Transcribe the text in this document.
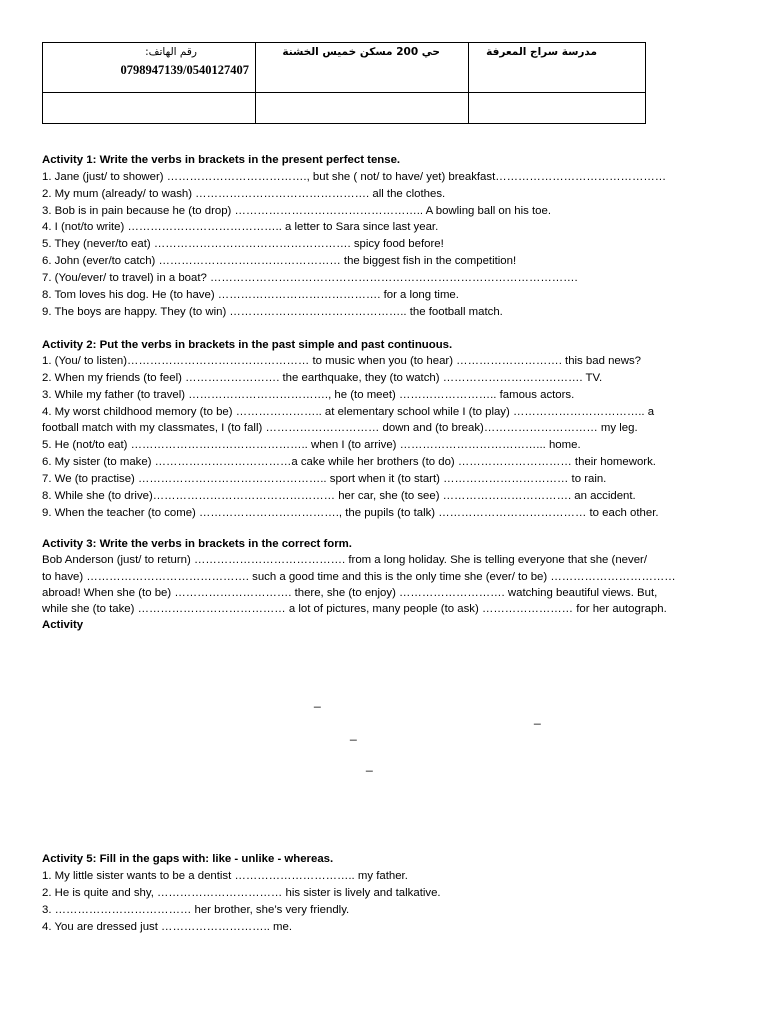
رقم الهاتف:
0798947139/0540127407	حي 200 مسكن خميس الخشنة	مدرسة سراج المعرفة

Activity 1: Write the verbs in brackets in the present perfect tense.
1. Jane (just/ to shower) ………………………………., but she ( not/ to have/ yet) breakfast………………………………………
2. My mum (already/ to wash) ………………………………………. all the clothes.
3. Bob is in pain because he (to drop) ………………………………………….. A bowling ball on his toe.
4. I (not/to write) ………………………………….. a letter to Sara since last year.
5. They (never/to eat) ……………………………………………. spicy food before!
6. John (ever/to catch) ………………………………………… the biggest fish in the competition!
7. (You/ever/ to travel) in a boat? …………………………………………………………………………………….
8. Tom loves his dog. He (to have) ……………………………………. for a long time.
9. The boys are happy. They (to win) ……………………………………….. the football match.
Activity 2: Put the verbs in brackets in the past simple and past continuous.
1. (You/ to listen)………………………………………… to music when you (to hear) ………………………. this bad news?
2. When my friends (to feel) ……………………. the earthquake, they (to watch) ………………………………. TV.
3. While my father (to travel) ………………………………., he (to meet) …………………….. famous actors.
4. My worst childhood memory (to be) ………………….. at elementary school while I (to play) …………………………….. a
football match with my classmates, I (to fall) ………………………… down and (to break)………………………… my leg.
5. He (not/to eat) ……………………………………….. when I (to arrive) ………………………………... home.
6. My sister (to make) ………………………………a cake while her brothers (to do) ………………………… their homework.
7. We (to practise) ………………………………………….. sport when it (to start) …………………………… to rain.
8. While she (to drive)………………………………………… her car, she (to see) ……………………………. an accident.
9. When the teacher (to come) ………………………………., the pupils (to talk) ………………………………… to each other.
Activity 3: Write the verbs in brackets in the correct form.
Bob Anderson (just/ to return) …………………………………. from a long holiday. She is telling everyone that she (never/
to have) ……………………………………. such a good time and this is the only time she (ever/ to be) ……………………………
abroad! When she (to be) …………………………. there, she (to enjoy) ………………………. watching beautiful views. But,
while she (to take) ………………………………… a lot of pictures, many people (to ask) …………………… for her autograph.
Activity
_
_
_
_
Activity 5: Fill in the gaps with: like - unlike - whereas.
1. My little sister wants to be a dentist ………………………….. my father.
2. He is quite and shy, …………………………… his sister is lively and talkative.
3. ……………………………… her brother, she’s very friendly.
4. You are dressed just ……………………….. me.
